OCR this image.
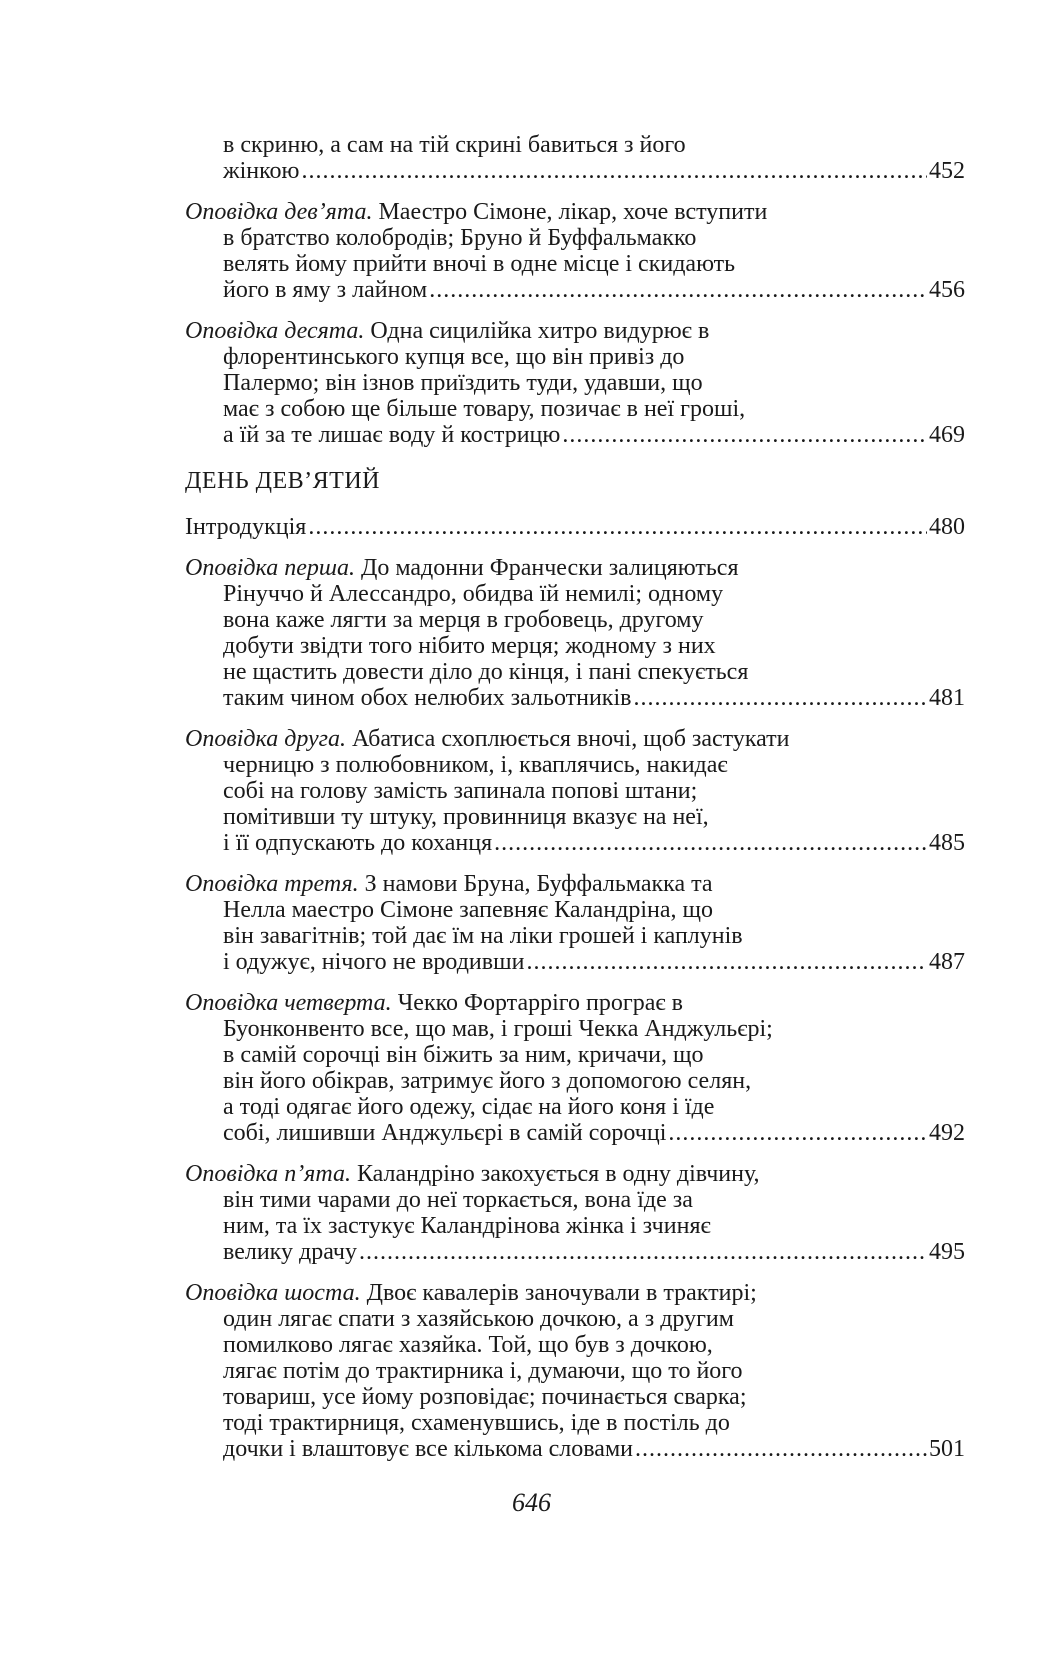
в скриню, а сам на тій скрині бавиться з його
жінкою .....	452
Оповідка дев’ята. Маестро Сімоне, лікар, хоче вступити
в братство колобродів; Бруно й Буффальмакко
велять йому прийти вночі в одне місце і скидають
його в яму з лайном .....	456
Оповідка десята. Одна сицилійка хитро видурює в
флорентинського купця все, що він привіз до
Палермо; він ізнов приїздить туди, удавши, що
має з собою ще більше товару, позичає в неї гроші,
а їй за те лишає воду й кострицю .....	469
ДЕНЬ ДЕВ’ЯТИЙ
Інтродукція .....	480
Оповідка перша. До мадонни Франчески залицяються
Рінуччо й Алессандро, обидва їй немилі; одному
вона каже лягти за мерця в гробовець, другому
добути звідти того нібито мерця; жодному з них
не щастить довести діло до кінця, і пані спекується
таким чином обох нелюбих зальотників .....	481
Оповідка друга. Абатиса схоплюється вночі, щоб застукати
черницю з полюбовником, і, кваплячись, накидає
собі на голову замість запинала попові штани;
помітивши ту штуку, провинниця вказує на неї,
і її одпускають до коханця .....	485
Оповідка третя. З намови Бруна, Буффальмакка та
Нелла маестро Сімоне запевняє Каландріна, що
він завагітнів; той дає їм на ліки грошей і каплунів
і одужує, нічого не вродивши .....	487
Оповідка четверта. Чекко Фортарріго програє в
Буонконвенто все, що мав, і гроші Чекка Анджульєрі;
в самій сорочці він біжить за ним, кричачи, що
він його обікрав, затримує його з допомогою селян,
а тоді одягає його одежу, сідає на його коня і їде
собі, лишивши Анджульєрі в самій сорочці .....	492
Оповідка п’ята. Каландріно закохується в одну дівчину,
він тими чарами до неї торкається, вона їде за
ним, та їх застукує Каландрінова жінка і зчиняє
велику драчу .....	495
Оповідка шоста. Двоє кавалерів заночували в трактирі;
один лягає спати з хазяйською дочкою, а з другим
помилково лягає хазяйка. Той, що був з дочкою,
лягає потім до трактирника і, думаючи, що то його
товариш, усе йому розповідає; починається сварка;
тоді трактирниця, схаменувшись, іде в постіль до
дочки і влаштовує все кількома словами .....	501
646
